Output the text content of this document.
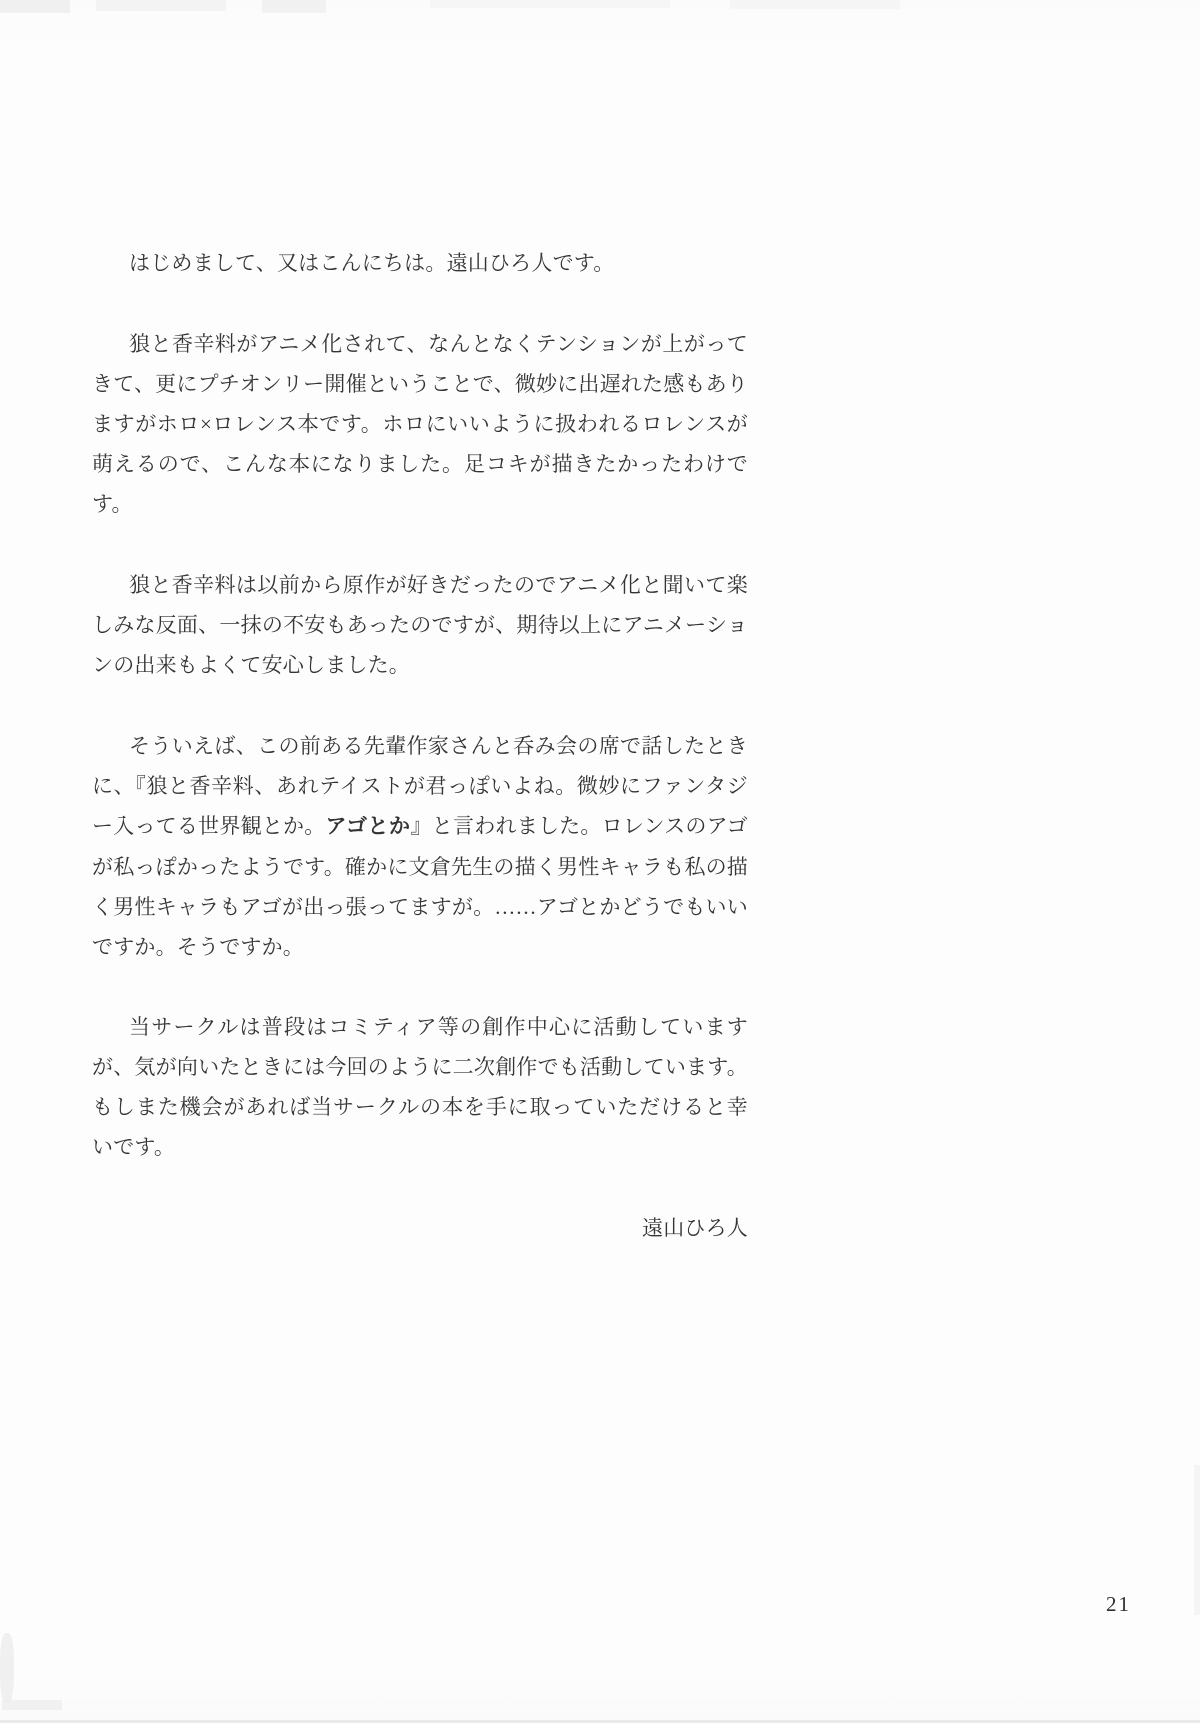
はじめまして、又はこんにちは。遠山ひろ人です。

狼と香辛料がアニメ化されて、なんとなくテンションが上がってきて、更にプチオンリー開催ということで、微妙に出遅れた感もありますがホロ×ロレンス本です。ホロにいいように扱われるロレンスが萌えるので、こんな本になりました。足コキが描きたかったわけです。

狼と香辛料は以前から原作が好きだったのでアニメ化と聞いて楽しみな反面、一抹の不安もあったのですが、期待以上にアニメーションの出来もよくて安心しました。

そういえば、この前ある先輩作家さんと呑み会の席で話したときに、『狼と香辛料、あれテイストが君っぽいよね。微妙にファンタジー入ってる世界観とか。アゴとか』と言われました。ロレンスのアゴが私っぽかったようです。確かに文倉先生の描く男性キャラも私の描く男性キャラもアゴが出っ張ってますが。……アゴとかどうでもいいですか。そうですか。

当サークルは普段はコミティア等の創作中心に活動していますが、気が向いたときには今回のように二次創作でも活動しています。もしまた機会があれば当サークルの本を手に取っていただけると幸いです。

遠山ひろ人

21
